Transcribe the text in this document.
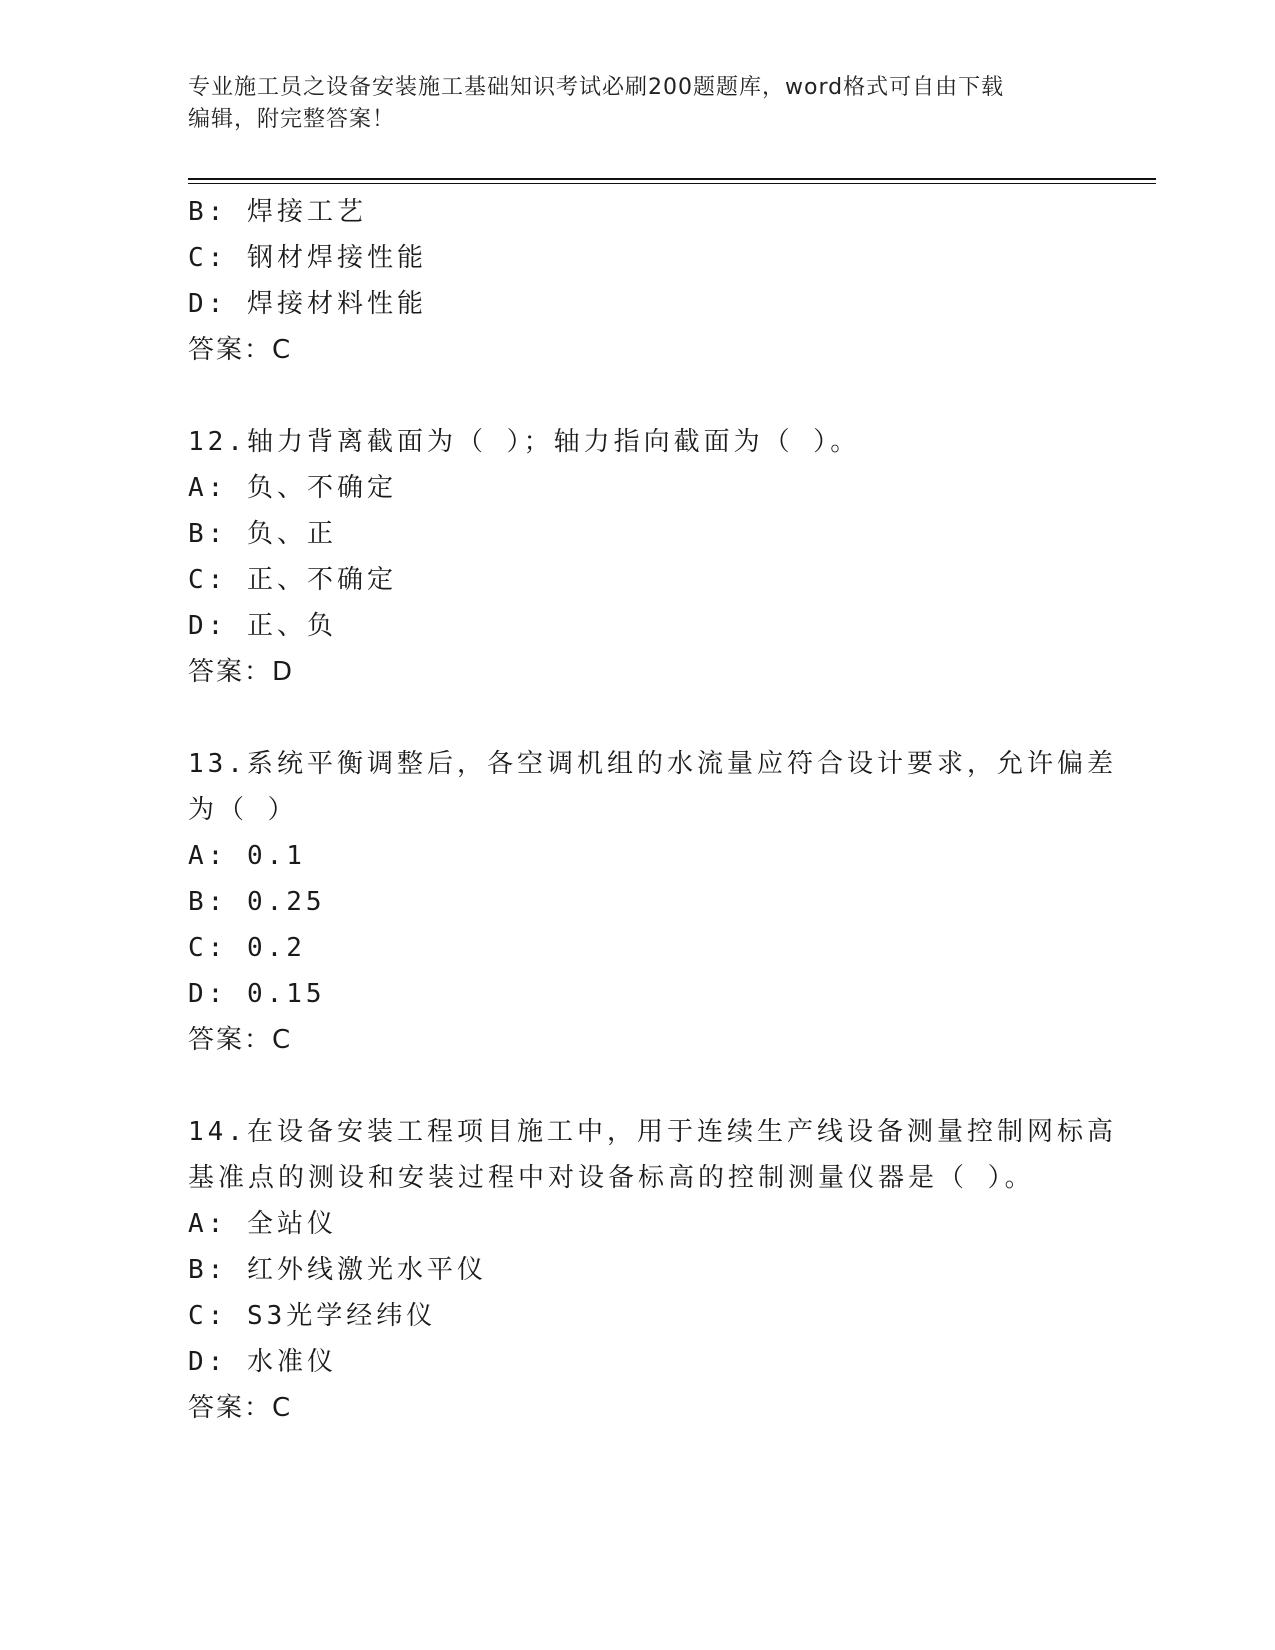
专业施工员之设备安装施工基础知识考试必刷200题题库，word格式可自由下载
编辑，附完整答案！
B: 焊接工艺
C: 钢材焊接性能
D: 焊接材料性能
答案：C
12.轴力背离截面为（ ）；轴力指向截面为（ ）。
A: 负、不确定
B: 负、正
C: 正、不确定
D: 正、负
答案：D
13.系统平衡调整后，各空调机组的水流量应符合设计要求，允许偏差
为（ ）
A: 0.1
B: 0.25
C: 0.2
D: 0.15
答案：C
14.在设备安装工程项目施工中，用于连续生产线设备测量控制网标高
基准点的测设和安装过程中对设备标高的控制测量仪器是（ ）。
A: 全站仪
B: 红外线激光水平仪
C: S3光学经纬仪
D: 水准仪
答案：C
